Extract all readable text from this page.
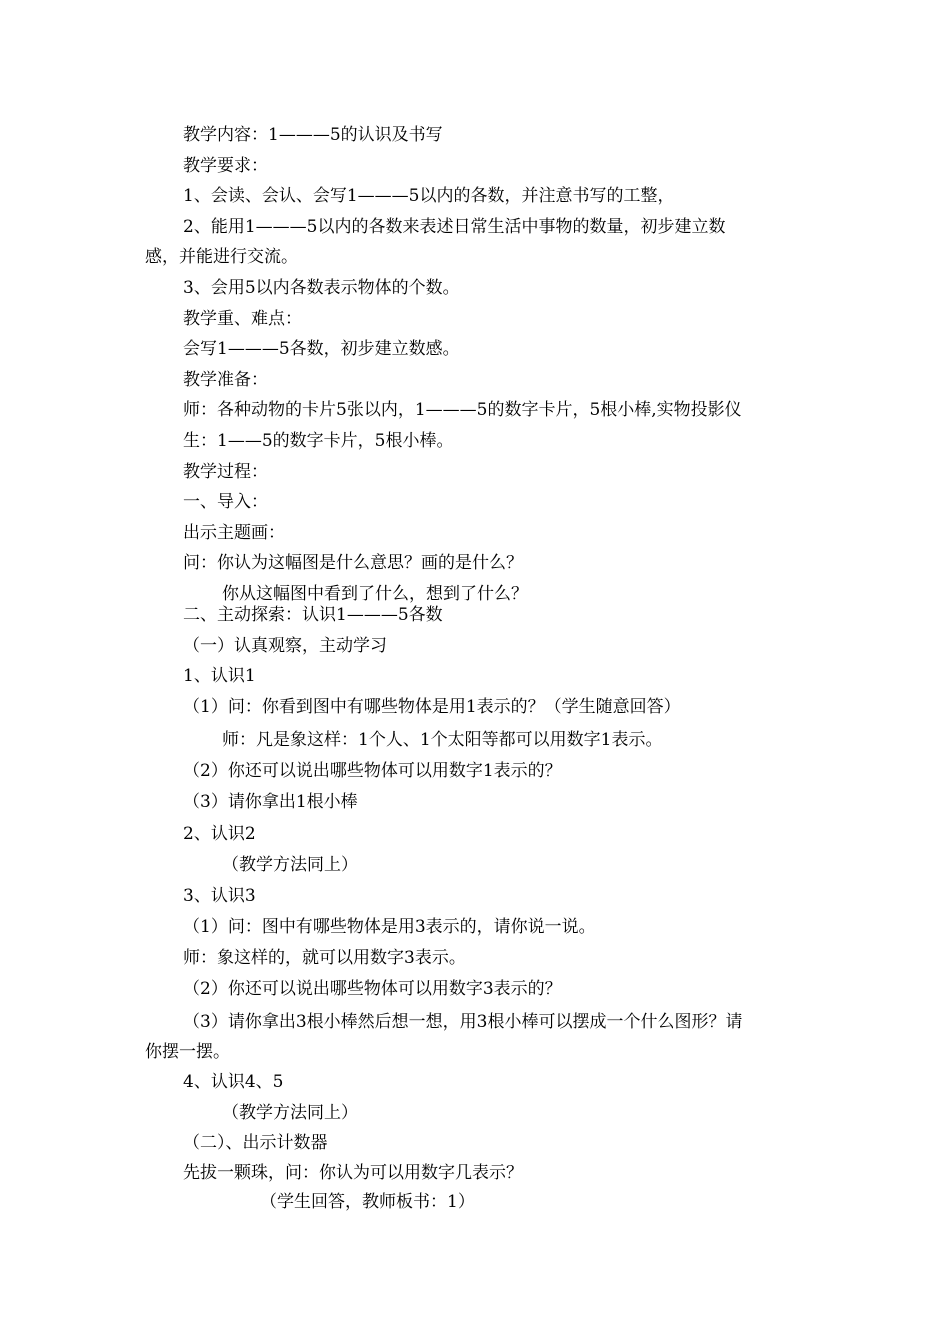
教学内容：1———5的认识及书写
教学要求：
1、会读、会认、会写1———5以内的各数，并注意书写的工整，
2、能用1———5以内的各数来表述日常生活中事物的数量，初步建立数
感，并能进行交流。
3、会用5以内各数表示物体的个数。
教学重、难点：
会写1———5各数，初步建立数感。
教学准备：
师：各种动物的卡片5张以内，1———5的数字卡片，5根小棒,实物投影仪
生：1——5的数字卡片，5根小棒。
教学过程：
一、导入：
出示主题画：
问：你认为这幅图是什么意思？画的是什么？
你从这幅图中看到了什么，想到了什么？
二、主动探索：认识1———5各数
（一）认真观察，主动学习
1、认识1
（1）问：你看到图中有哪些物体是用1表示的？（学生随意回答）
师：凡是象这样：1个人、1个太阳等都可以用数字1表示。
（2）你还可以说出哪些物体可以用数字1表示的？
（3）请你拿出1根小棒
2、认识2
（教学方法同上）
3、认识3
（1）问：图中有哪些物体是用3表示的，请你说一说。
师：象这样的，就可以用数字3表示。
（2）你还可以说出哪些物体可以用数字3表示的？
（3）请你拿出3根小棒然后想一想，用3根小棒可以摆成一个什么图形？请
你摆一摆。
4、认识4、5
（教学方法同上）
（二）、出示计数器
先拔一颗珠，问：你认为可以用数字几表示？
（学生回答，教师板书：1）
